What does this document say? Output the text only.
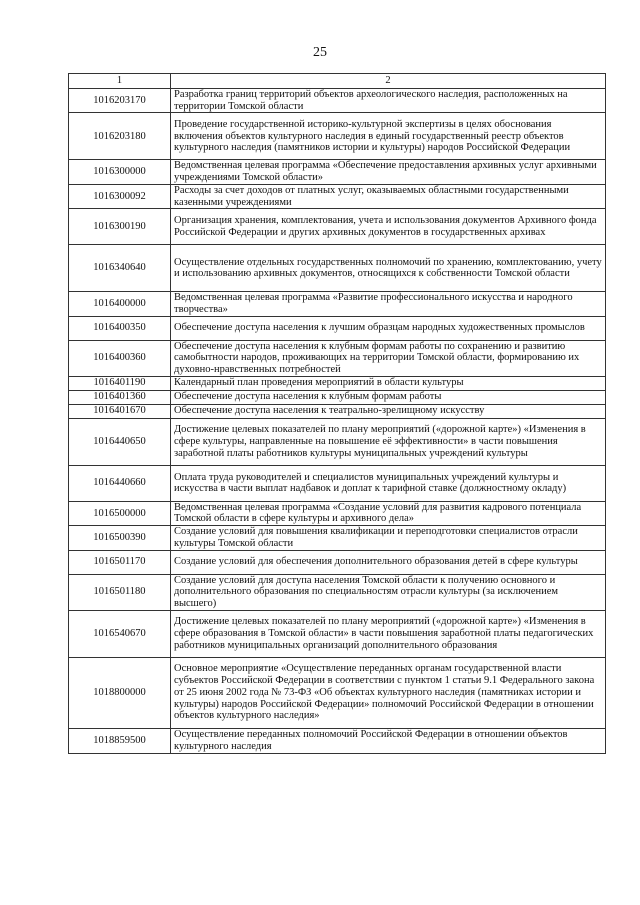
25
1	2
1016203170	Разработка границ территорий объектов археологического наследия, расположенных на территории Томской области
1016203180	Проведение государственной историко-культурной экспертизы в целях обоснования включения объектов культурного наследия в единый государственный реестр объектов культурного наследия (памятников истории и культуры) народов Российской Федерации
1016300000	Ведомственная целевая программа «Обеспечение предоставления архивных услуг архивными учреждениями Томской области»
1016300092	Расходы за счет доходов от платных услуг, оказываемых областными государственными казенными учреждениями
1016300190	Организация хранения, комплектования, учета и использования документов Архивного фонда Российской Федерации и других архивных документов в государственных архивах
1016340640	Осуществление отдельных государственных полномочий по хранению, комплектованию, учету и использованию архивных документов, относящихся к собственности Томской области
1016400000	Ведомственная целевая программа «Развитие профессионального искусства и народного творчества»
1016400350	Обеспечение доступа населения к лучшим образцам народных художественных промыслов
1016400360	Обеспечение доступа населения к клубным формам работы по сохранению и развитию самобытности народов, проживающих на территории Томской области, формированию их духовно-нравственных потребностей
1016401190	Календарный план проведения мероприятий в области культуры
1016401360	Обеспечение доступа населения к клубным формам работы
1016401670	Обеспечение доступа населения к театрально-зрелищному искусству
1016440650	Достижение целевых показателей по плану мероприятий («дорожной карте») «Изменения в сфере культуры, направленные на повышение её эффективности» в части повышения заработной платы работников культуры муниципальных учреждений культуры
1016440660	Оплата труда руководителей и специалистов муниципальных учреждений культуры и искусства в части выплат надбавок и доплат к тарифной ставке (должностному окладу)
1016500000	Ведомственная целевая программа «Создание условий для развития кадрового потенциала Томской области в сфере культуры и архивного дела»
1016500390	Создание условий для повышения квалификации и переподготовки специалистов отрасли культуры Томской области
1016501170	Создание условий для обеспечения дополнительного образования детей в сфере культуры
1016501180	Создание условий для доступа населения Томской области к получению основного и дополнительного образования по специальностям отрасли культуры (за исключением высшего)
1016540670	Достижение целевых показателей по плану мероприятий («дорожной карте») «Изменения в сфере образования в Томской области» в части повышения заработной платы педагогических работников муниципальных организаций дополнительного образования
1018800000	Основное мероприятие «Осуществление переданных органам государственной власти субъектов Российской Федерации в соответствии с пунктом 1 статьи 9.1 Федерального закона от 25 июня 2002 года № 73-ФЗ «Об объектах культурного наследия (памятниках истории и культуры) народов Российской Федерации» полномочий Российской Федерации в отношении объектов культурного наследия»
1018859500	Осуществление переданных полномочий Российской Федерации в отношении объектов культурного наследия
